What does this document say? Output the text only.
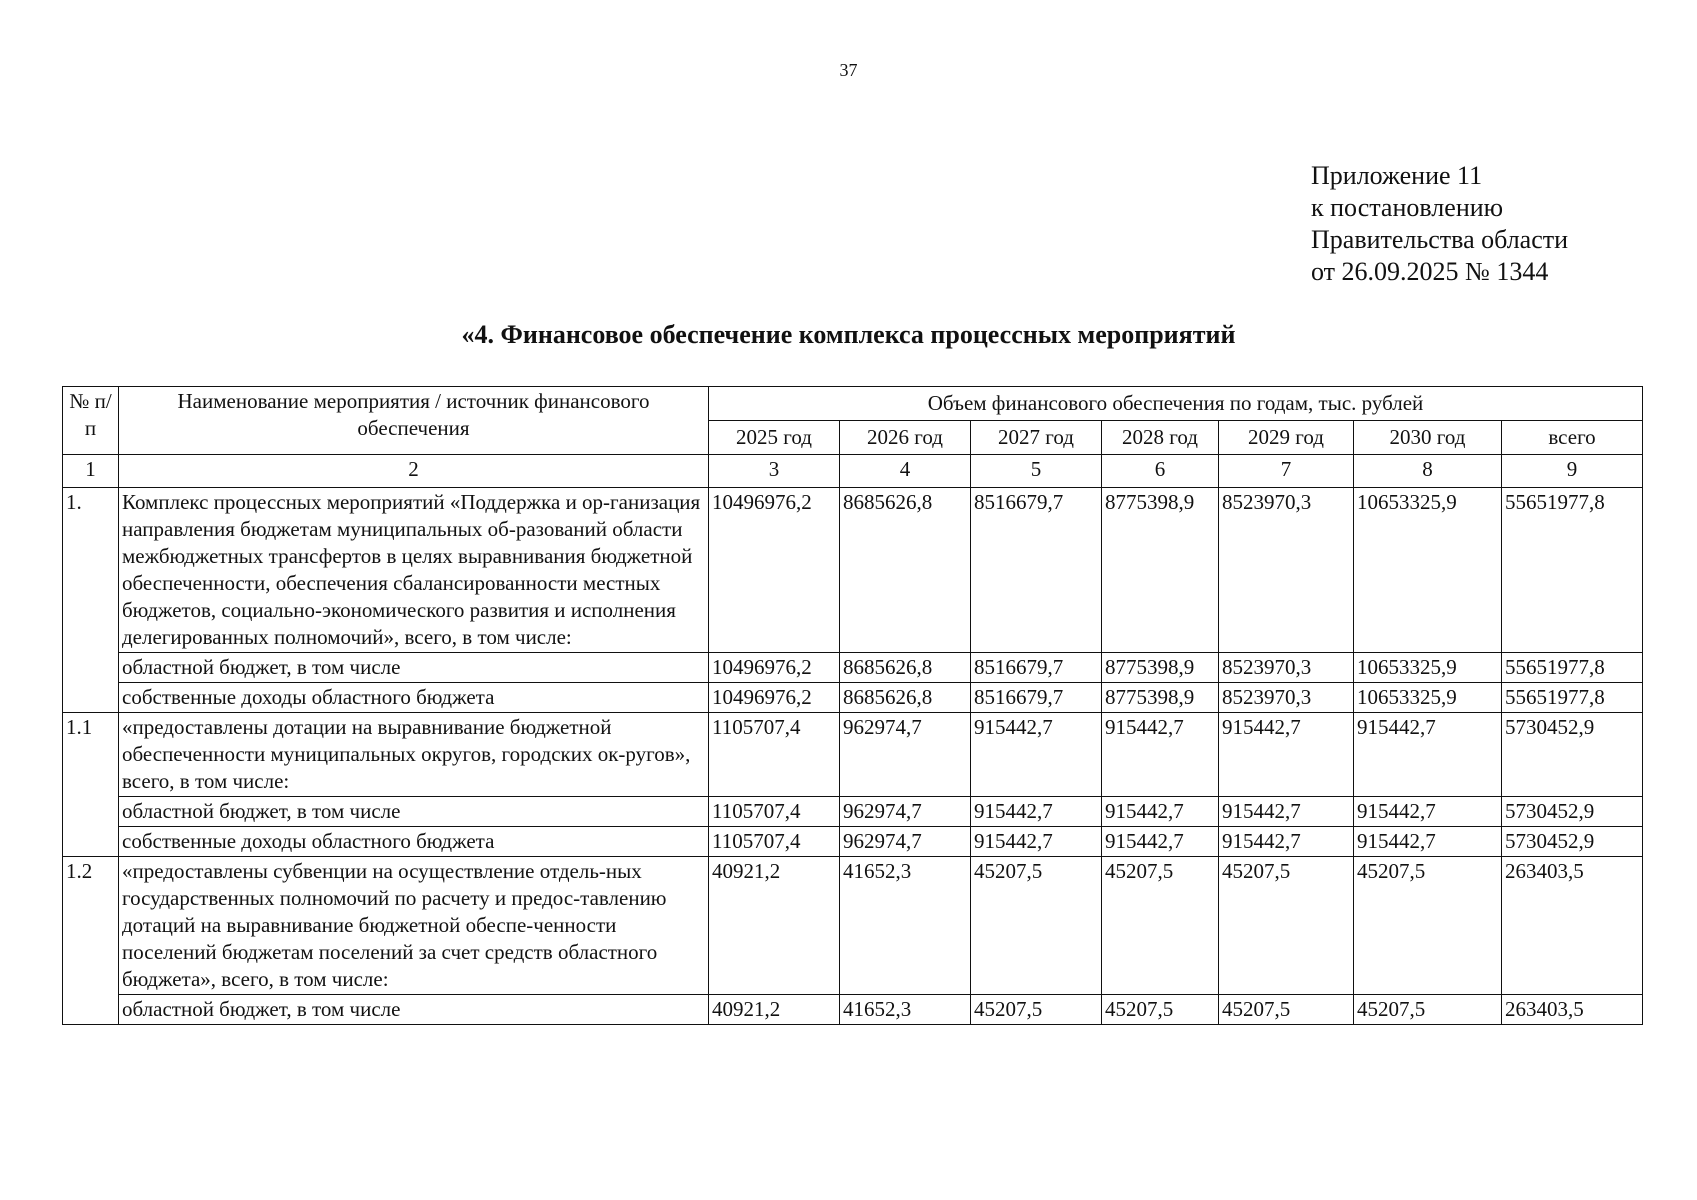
37
Приложение 11
к постановлению
Правительства области
от 26.09.2025 № 1344
«4. Финансовое обеспечение комплекса процессных мероприятий
№ п/п	Наименование мероприятия / источник финансового обеспечения	Объем финансового обеспечения по годам, тыс. рублей						
		2025 год	2026 год	2027 год	2028 год	2029 год	2030 год	всего
1	2	3	4	5	6	7	8	9
1.	Комплекс процессных мероприятий «Поддержка и ор-ганизация направления бюджетам муниципальных об-разований области межбюджетных трансфертов в целях выравнивания бюджетной обеспеченности, обеспечения сбалансированности местных бюджетов, социально-экономического развития и исполнения делегированных полномочий», всего, в том числе:	10496976,2	8685626,8	8516679,7	8775398,9	8523970,3	10653325,9	55651977,8
	областной бюджет, в том числе	10496976,2	8685626,8	8516679,7	8775398,9	8523970,3	10653325,9	55651977,8
	собственные доходы областного бюджета	10496976,2	8685626,8	8516679,7	8775398,9	8523970,3	10653325,9	55651977,8
1.1	«предоставлены дотации на выравнивание бюджетной обеспеченности муниципальных округов, городских ок-ругов», всего, в том числе:	1105707,4	962974,7	915442,7	915442,7	915442,7	915442,7	5730452,9
	областной бюджет, в том числе	1105707,4	962974,7	915442,7	915442,7	915442,7	915442,7	5730452,9
	собственные доходы областного бюджета	1105707,4	962974,7	915442,7	915442,7	915442,7	915442,7	5730452,9
1.2	«предоставлены субвенции на осуществление отдель-ных государственных полномочий по расчету и предос-тавлению дотаций на выравнивание бюджетной обеспе-ченности поселений бюджетам поселений за счет средств областного бюджета», всего, в том числе:	40921,2	41652,3	45207,5	45207,5	45207,5	45207,5	263403,5
	областной бюджет, в том числе	40921,2	41652,3	45207,5	45207,5	45207,5	45207,5	263403,5
